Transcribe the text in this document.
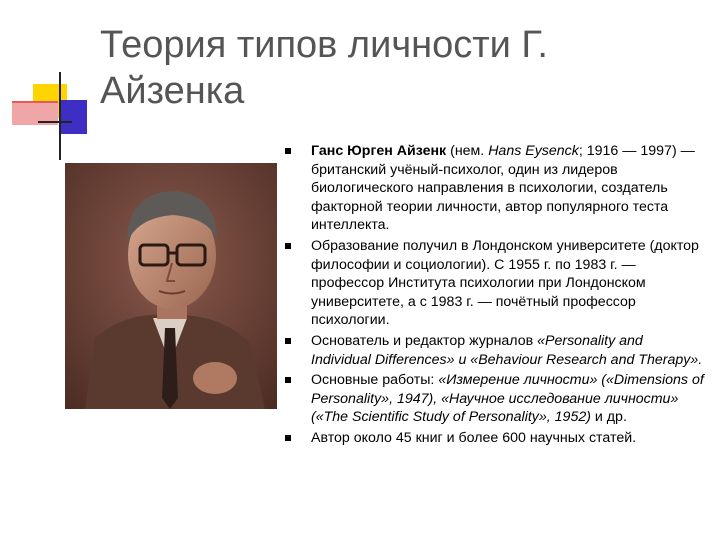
Теория типов личности Г. Айзенка
Ганс Юрген Айзенк (нем. Hans Eysenck; 1916 — 1997) — британский учёный-психолог, один из лидеров биологического направления в психологии, создатель факторной теории личности, автор популярного теста интеллекта.
Образование получил в Лондонском университете (доктор философии и социологии). С 1955 г. по 1983 г. — профессор Института психологии при Лондонском университете, а с 1983 г. — почётный профессор психологии.
Основатель и редактор журналов «Personality and Individual Differences» и «Behaviour Research and Therapy».
Основные работы: «Измерение личности» («Dimensions of Personality», 1947), «Научное исследование личности» («The Scientific Study of Personality», 1952) и др.
Автор около 45 книг и более 600 научных статей.
